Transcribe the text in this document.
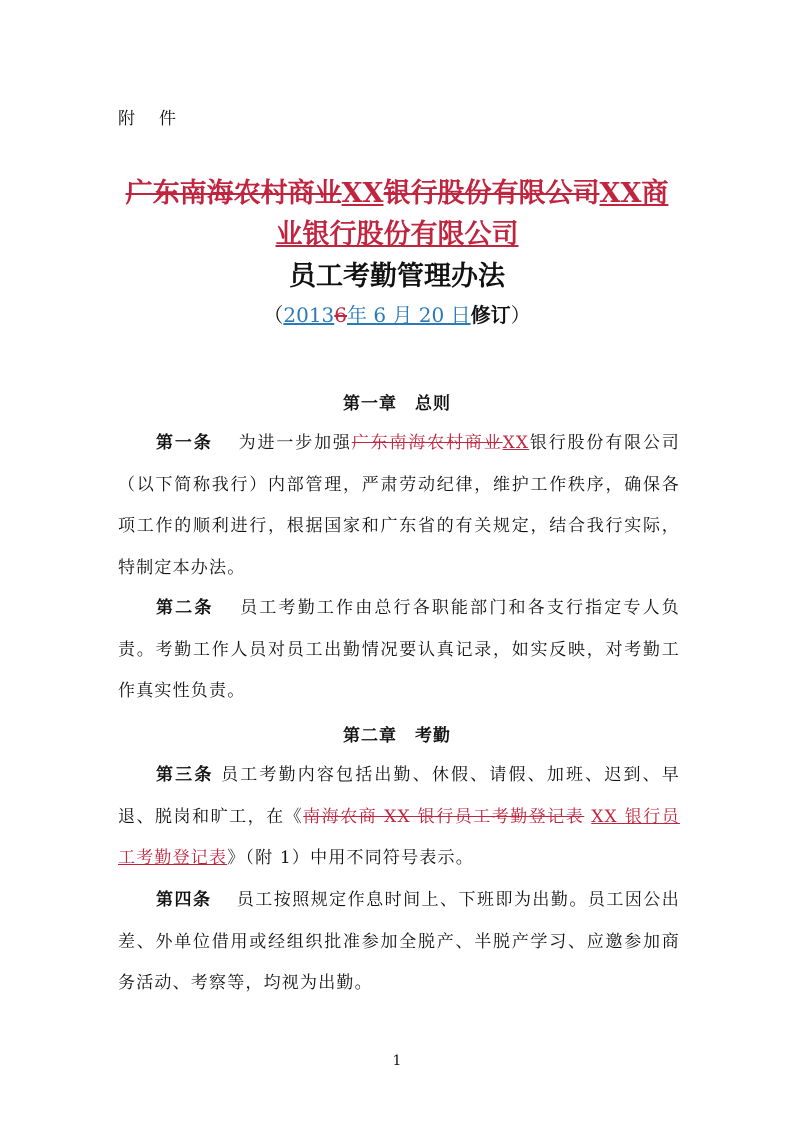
附 件
广东南海农村商业XX银行股份有限公司XX商
业银行股份有限公司
员工考勤管理办法
（20136年 6 月 20 日修订）
第一章 总则
第一条　 为进一步加强广东南海农村商业XX银行股份有限公司（以下简称我行）内部管理，严肃劳动纪律，维护工作秩序，确保各项工作的顺利进行，根据国家和广东省的有关规定，结合我行实际，特制定本办法。
第二条　 员工考勤工作由总行各职能部门和各支行指定专人负责。考勤工作人员对员工出勤情况要认真记录，如实反映，对考勤工作真实性负责。
第二章 考勤
第三条 员工考勤内容包括出勤、休假、请假、加班、迟到、早退、脱岗和旷工，在《南海农商 XX 银行员工考勤登记表 XX 银行员工考勤登记表》（附 1）中用不同符号表示。
第四条　 员工按照规定作息时间上、下班即为出勤。员工因公出差、外单位借用或经组织批准参加全脱产、半脱产学习、应邀参加商务活动、考察等，均视为出勤。
1
